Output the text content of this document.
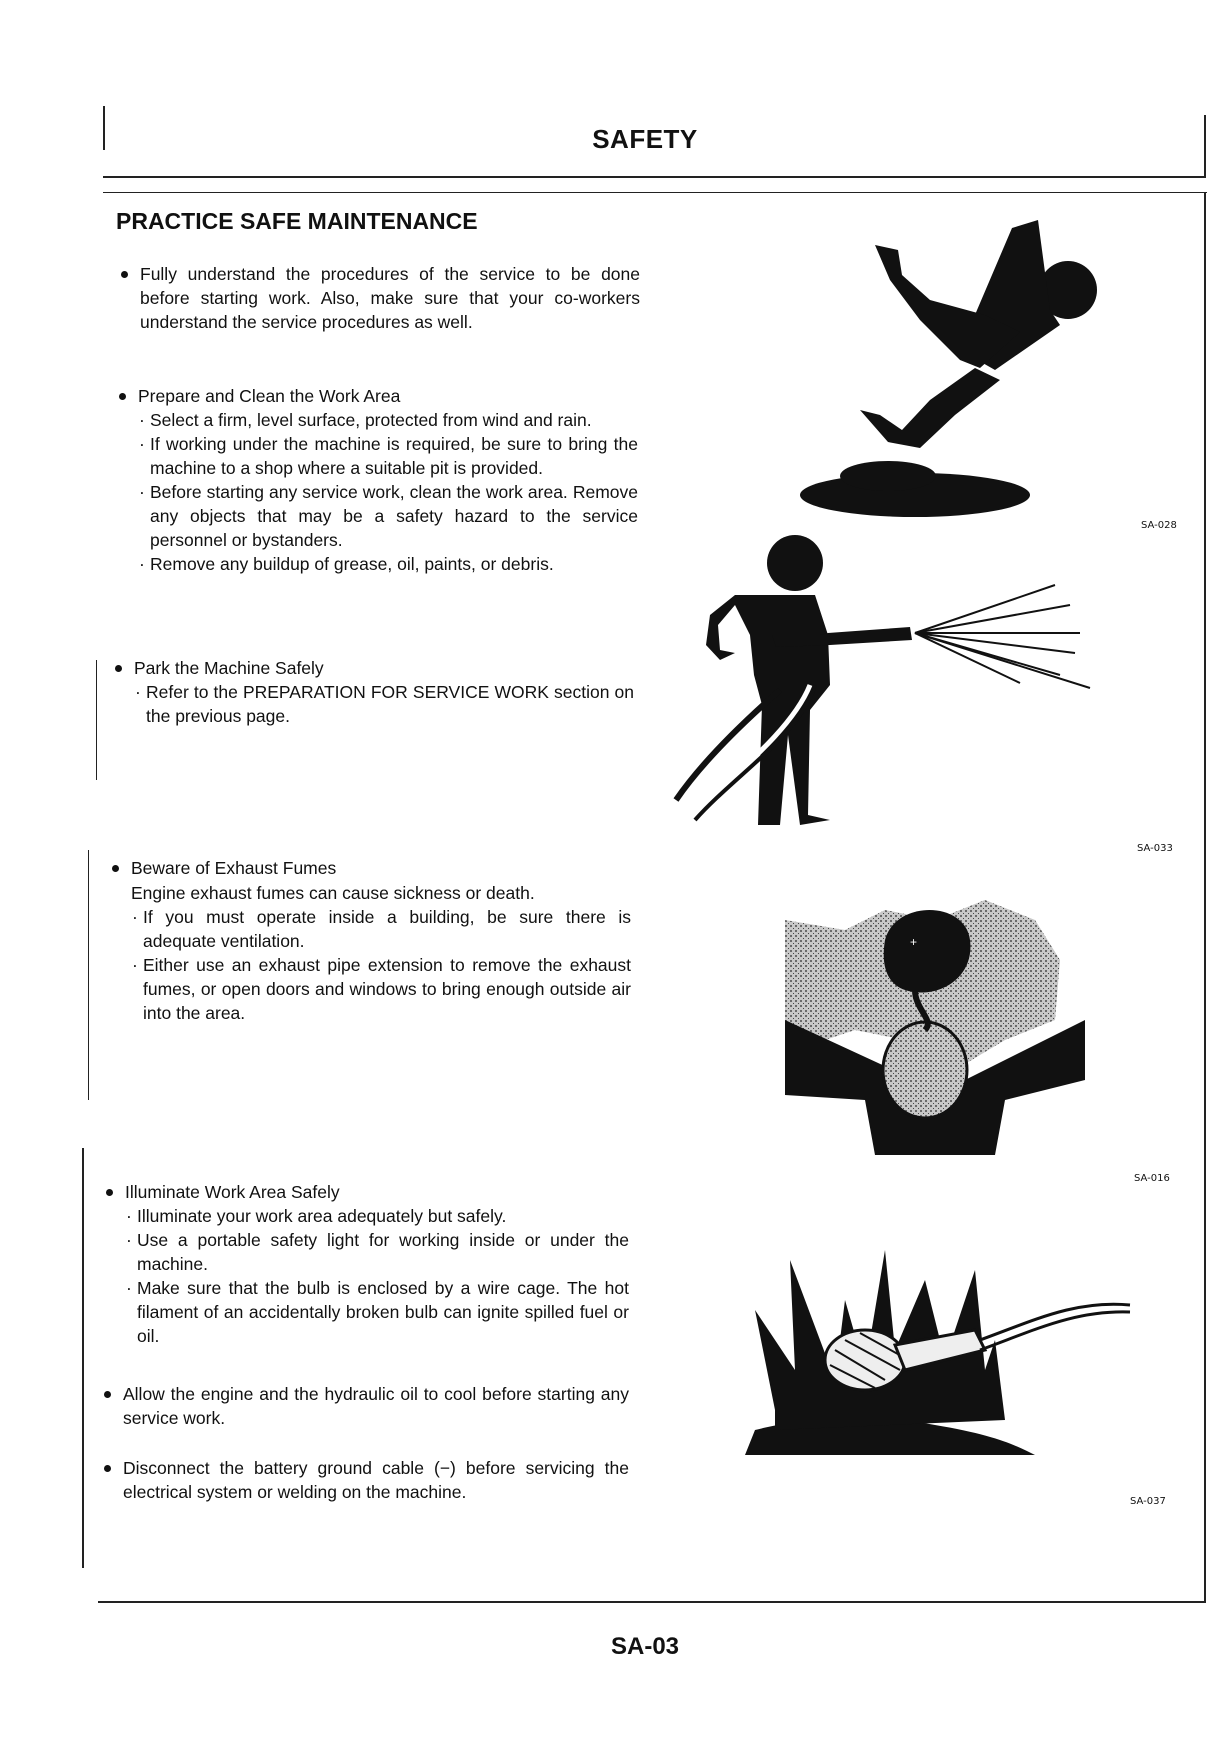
SAFETY
PRACTICE SAFE MAINTENANCE
Fully understand the procedures of the service to be done before starting work. Also, make sure that your co-workers understand the service procedures as well.
Prepare and Clean the Work Area
· Select a firm, level surface, protected from wind and rain.
· If working under the machine is required, be sure to bring the machine to a shop where a suitable pit is provided.
· Before starting any service work, clean the work area. Remove any objects that may be a safety hazard to the service personnel or bystanders.
· Remove any buildup of grease, oil, paints, or debris.
Park the Machine Safely
· Refer to the PREPARATION FOR SERVICE WORK section on the previous page.
Beware of Exhaust Fumes
Engine exhaust fumes can cause sickness or death.
· If you must operate inside a building, be sure there is adequate ventilation.
· Either use an exhaust pipe extension to remove the exhaust fumes, or open doors and windows to bring enough outside air into the area.
Illuminate Work Area Safely
· Illuminate your work area adequately but safely.
· Use a portable safety light for working inside or under the machine.
· Make sure that the bulb is enclosed by a wire cage. The hot filament of an accidentally broken bulb can ignite spilled fuel or oil.
Allow the engine and the hydraulic oil to cool before starting any service work.
Disconnect the battery ground cable (−) before servicing the electrical system or welding on the machine.
SA-028
SA-033
+
SA-016
SA-037
SA-03
